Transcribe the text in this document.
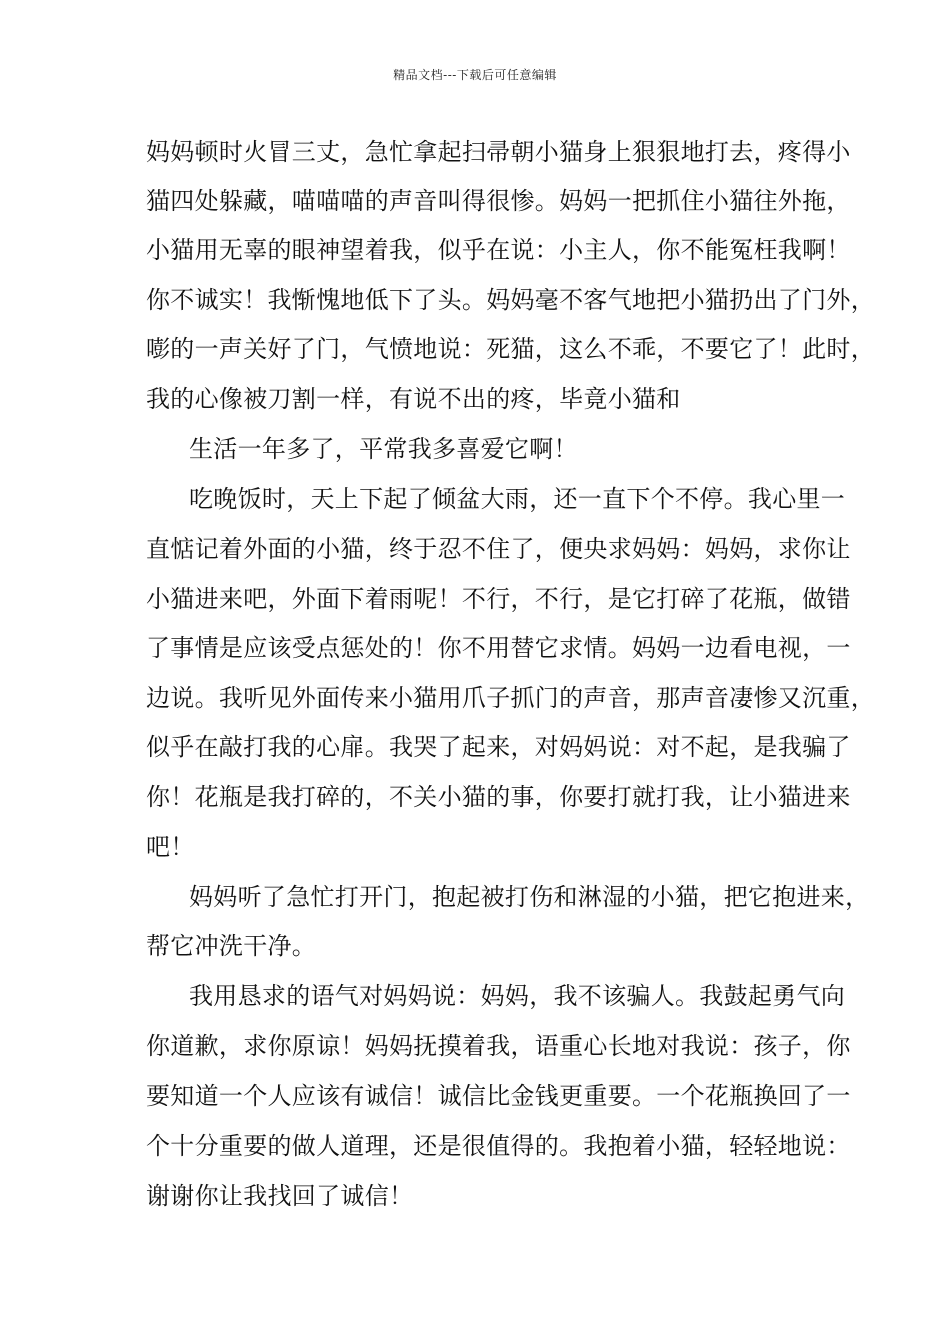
精品文档---下载后可任意编辑
妈妈顿时火冒三丈，急忙拿起扫帚朝小猫身上狠狠地打去，疼得小
猫四处躲藏，喵喵喵的声音叫得很惨。妈妈一把抓住小猫往外拖，
小猫用无辜的眼神望着我，似乎在说：小主人，你不能冤枉我啊！
你不诚实！我惭愧地低下了头。妈妈毫不客气地把小猫扔出了门外，
嘭的一声关好了门，气愤地说：死猫，这么不乖，不要它了！此时，
我的心像被刀割一样，有说不出的疼，毕竟小猫和
生活一年多了，平常我多喜爱它啊！
吃晚饭时，天上下起了倾盆大雨，还一直下个不停。我心里一
直惦记着外面的小猫，终于忍不住了，便央求妈妈：妈妈，求你让
小猫进来吧，外面下着雨呢！不行，不行，是它打碎了花瓶，做错
了事情是应该受点惩处的！你不用替它求情。妈妈一边看电视，一
边说。我听见外面传来小猫用爪子抓门的声音，那声音凄惨又沉重，
似乎在敲打我的心扉。我哭了起来，对妈妈说：对不起，是我骗了
你！花瓶是我打碎的，不关小猫的事，你要打就打我，让小猫进来
吧！
妈妈听了急忙打开门，抱起被打伤和淋湿的小猫，把它抱进来，
帮它冲洗干净。
我用恳求的语气对妈妈说：妈妈，我不该骗人。我鼓起勇气向
你道歉，求你原谅！妈妈抚摸着我，语重心长地对我说：孩子，你
要知道一个人应该有诚信！诚信比金钱更重要。一个花瓶换回了一
个十分重要的做人道理，还是很值得的。我抱着小猫，轻轻地说：
谢谢你让我找回了诚信！
